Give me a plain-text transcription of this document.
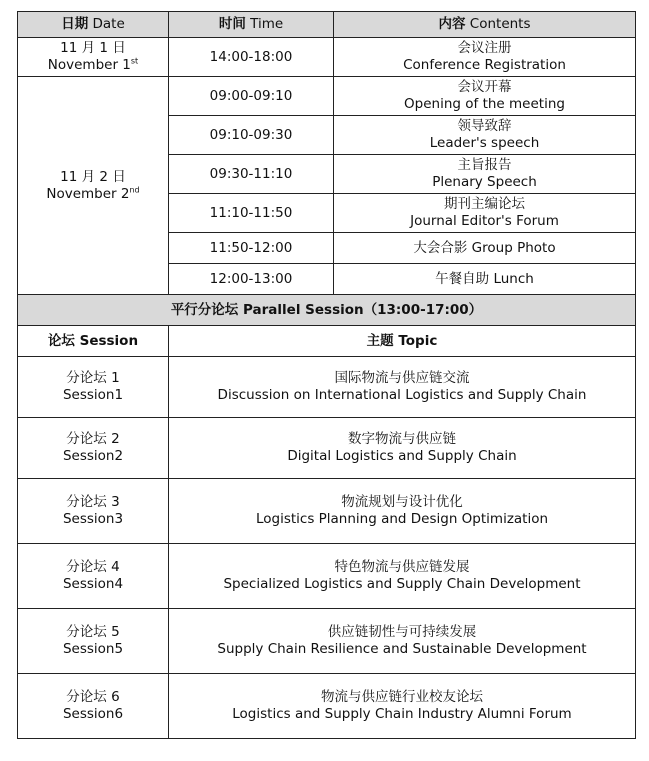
日期 Date	时间 Time	内容 Contents

11 月 1 日
November 1st	14:00-18:00	会议注册
Conference Registration

11 月 2 日
November 2nd	09:00-09:10	会议开幕
Opening of the meeting

	09:10-09:30	领导致辞
Leader's speech

	09:30-11:10	主旨报告
Plenary Speech

	11:10-11:50	期刊主编论坛
Journal Editor's Forum

	11:50-12:00	大会合影 Group Photo
	12:00-13:00	午餐自助 Lunch
平行分论坛 Parallel Session（13:00-17:00）		
论坛 Session	主题 Topic	

分论坛 1
Session1	国际物流与供应链交流
Discussion on International Logistics and Supply Chain	

分论坛 2
Session2	数字物流与供应链
Digital Logistics and Supply Chain	

分论坛 3
Session3	物流规划与设计优化
Logistics Planning and Design Optimization	

分论坛 4
Session4	特色物流与供应链发展
Specialized Logistics and Supply Chain Development	

分论坛 5
Session5	供应链韧性与可持续发展
Supply Chain Resilience and Sustainable Development	

分论坛 6
Session6	物流与供应链行业校友论坛
Logistics and Supply Chain Industry Alumni Forum	
